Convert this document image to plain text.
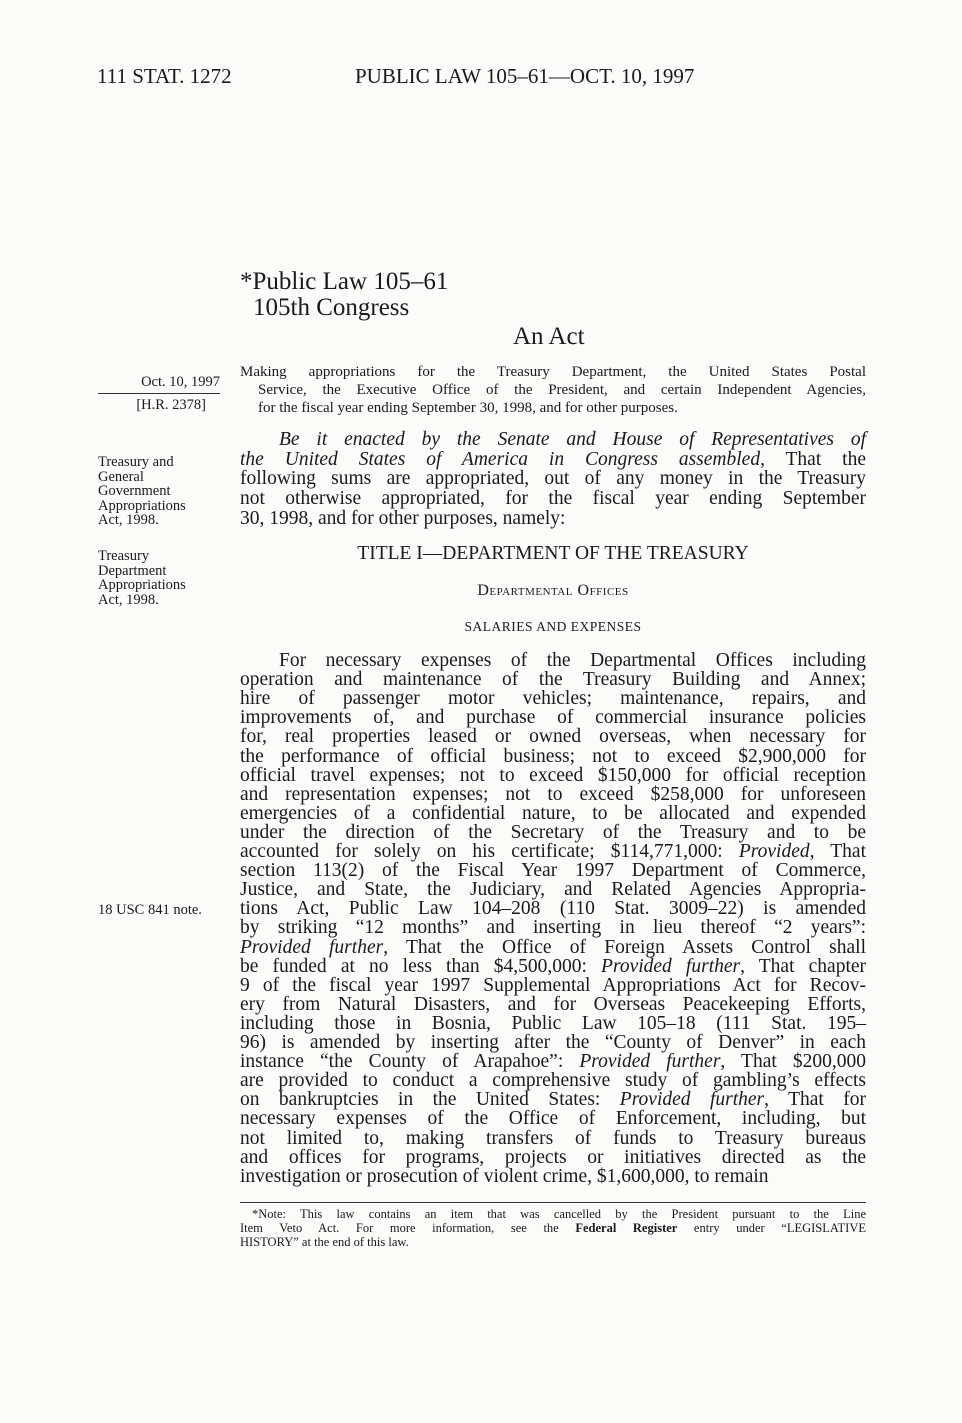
111 STAT. 1272	PUBLIC LAW 105–61—OCT. 10, 1997
*Public Law 105–61
105th Congress
An Act
Oct. 10, 1997
[H.R. 2378]
Making appropriations for the Treasury Department, the United States Postal
Service, the Executive Office of the President, and certain Independent Agencies,
for the fiscal year ending September 30, 1998, and for other purposes.
Treasury and
General
Government
Appropriations
Act, 1998.
Treasury
Department
Appropriations
Act, 1998.
18 USC 841 note.
Be it enacted by the Senate and House of Representatives of
the United States of America in Congress assembled, That the
following sums are appropriated, out of any money in the Treasury
not otherwise appropriated, for the fiscal year ending September
30, 1998, and for other purposes, namely:
TITLE I—DEPARTMENT OF THE TREASURY
Departmental Offices
SALARIES AND EXPENSES
For necessary expenses of the Departmental Offices including
operation and maintenance of the Treasury Building and Annex;
hire of passenger motor vehicles; maintenance, repairs, and
improvements of, and purchase of commercial insurance policies
for, real properties leased or owned overseas, when necessary for
the performance of official business; not to exceed $2,900,000 for
official travel expenses; not to exceed $150,000 for official reception
and representation expenses; not to exceed $258,000 for unforeseen
emergencies of a confidential nature, to be allocated and expended
under the direction of the Secretary of the Treasury and to be
accounted for solely on his certificate; $114,771,000: Provided, That
section 113(2) of the Fiscal Year 1997 Department of Commerce,
Justice, and State, the Judiciary, and Related Agencies Appropria-
tions Act, Public Law 104–208 (110 Stat. 3009–22) is amended
by striking “12 months” and inserting in lieu thereof “2 years”:
Provided further, That the Office of Foreign Assets Control shall
be funded at no less than $4,500,000: Provided further, That chapter
9 of the fiscal year 1997 Supplemental Appropriations Act for Recov-
ery from Natural Disasters, and for Overseas Peacekeeping Efforts,
including those in Bosnia, Public Law 105–18 (111 Stat. 195–
96) is amended by inserting after the “County of Denver” in each
instance “the County of Arapahoe”: Provided further, That $200,000
are provided to conduct a comprehensive study of gambling’s effects
on bankruptcies in the United States: Provided further, That for
necessary expenses of the Office of Enforcement, including, but
not limited to, making transfers of funds to Treasury bureaus
and offices for programs, projects or initiatives directed as the
investigation or prosecution of violent crime, $1,600,000, to remain
*Note: This law contains an item that was cancelled by the President pursuant to the Line
Item Veto Act. For more information, see the Federal Register entry under “LEGISLATIVE
HISTORY” at the end of this law.
